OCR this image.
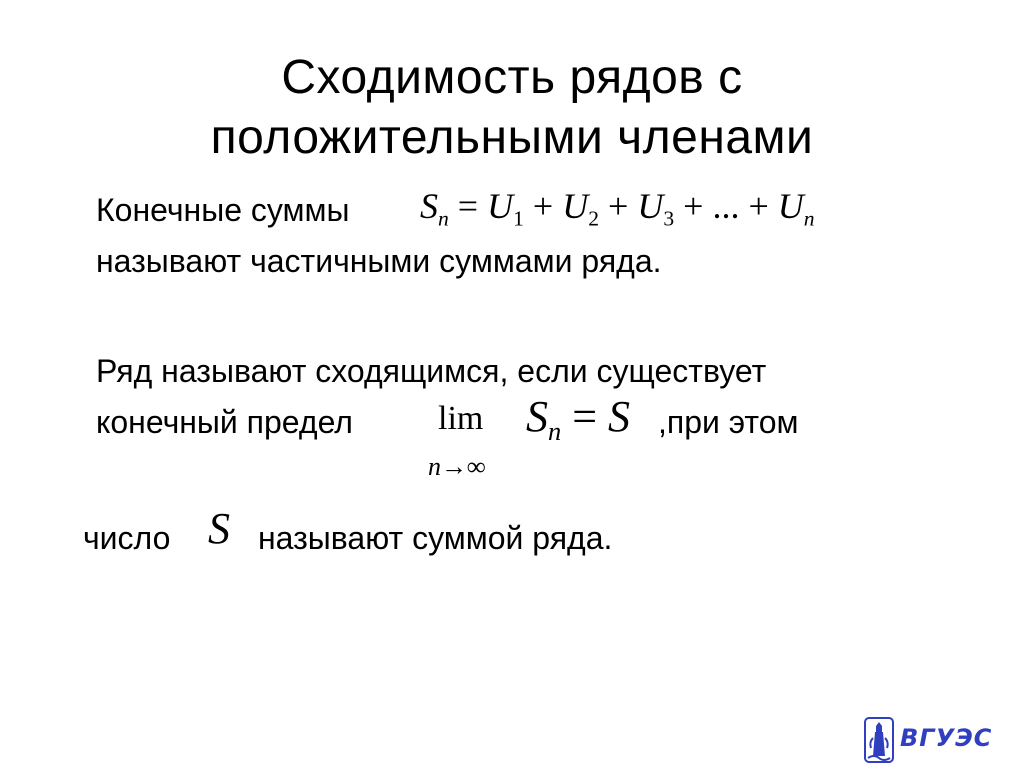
Сходимость рядов с
положительными членами
Конечные суммы $S_n = U_1 + U_2 + U_3$ + ... + $U_n$
называют частичными суммами ряда.
Ряд называют сходящимся, если существует
конечный предел	lim
n→∞
$S_n = S$ ,при этом
число S называют суммой ряда.
ВГУЭС
